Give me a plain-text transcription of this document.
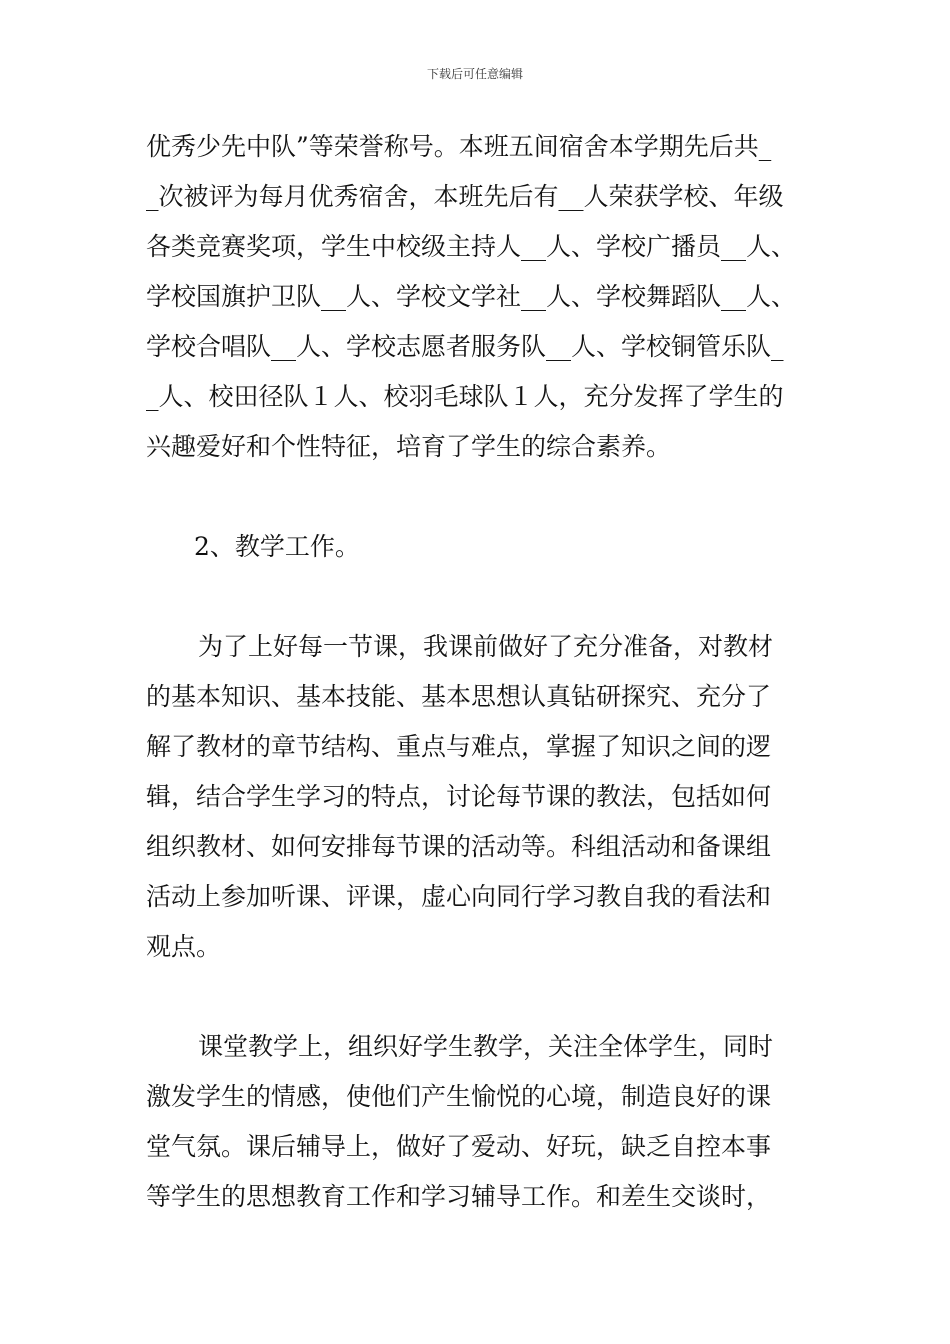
下载后可任意编辑
优秀少先中队”等荣誉称号。本班五间宿舍本学期先后共_
_次被评为每月优秀宿舍，本班先后有__人荣获学校、年级
各类竞赛奖项，学生中校级主持人__人、学校广播员__人、
学校国旗护卫队__人、学校文学社__人、学校舞蹈队__人、
学校合唱队__人、学校志愿者服务队__人、学校铜管乐队_
_人、校田径队１人、校羽毛球队１人，充分发挥了学生的
兴趣爱好和个性特征，培育了学生的综合素养。
2、教学工作。
为了上好每一节课，我课前做好了充分准备，对教材
的基本知识、基本技能、基本思想认真钻研探究、充分了
解了教材的章节结构、重点与难点，掌握了知识之间的逻
辑，结合学生学习的特点，讨论每节课的教法，包括如何
组织教材、如何安排每节课的活动等。科组活动和备课组
活动上参加听课、评课，虚心向同行学习教自我的看法和
观点。
课堂教学上，组织好学生教学，关注全体学生，同时
激发学生的情感，使他们产生愉悦的心境，制造良好的课
堂气氛。课后辅导上，做好了爱动、好玩，缺乏自控本事
等学生的思想教育工作和学习辅导工作。和差生交谈时，
